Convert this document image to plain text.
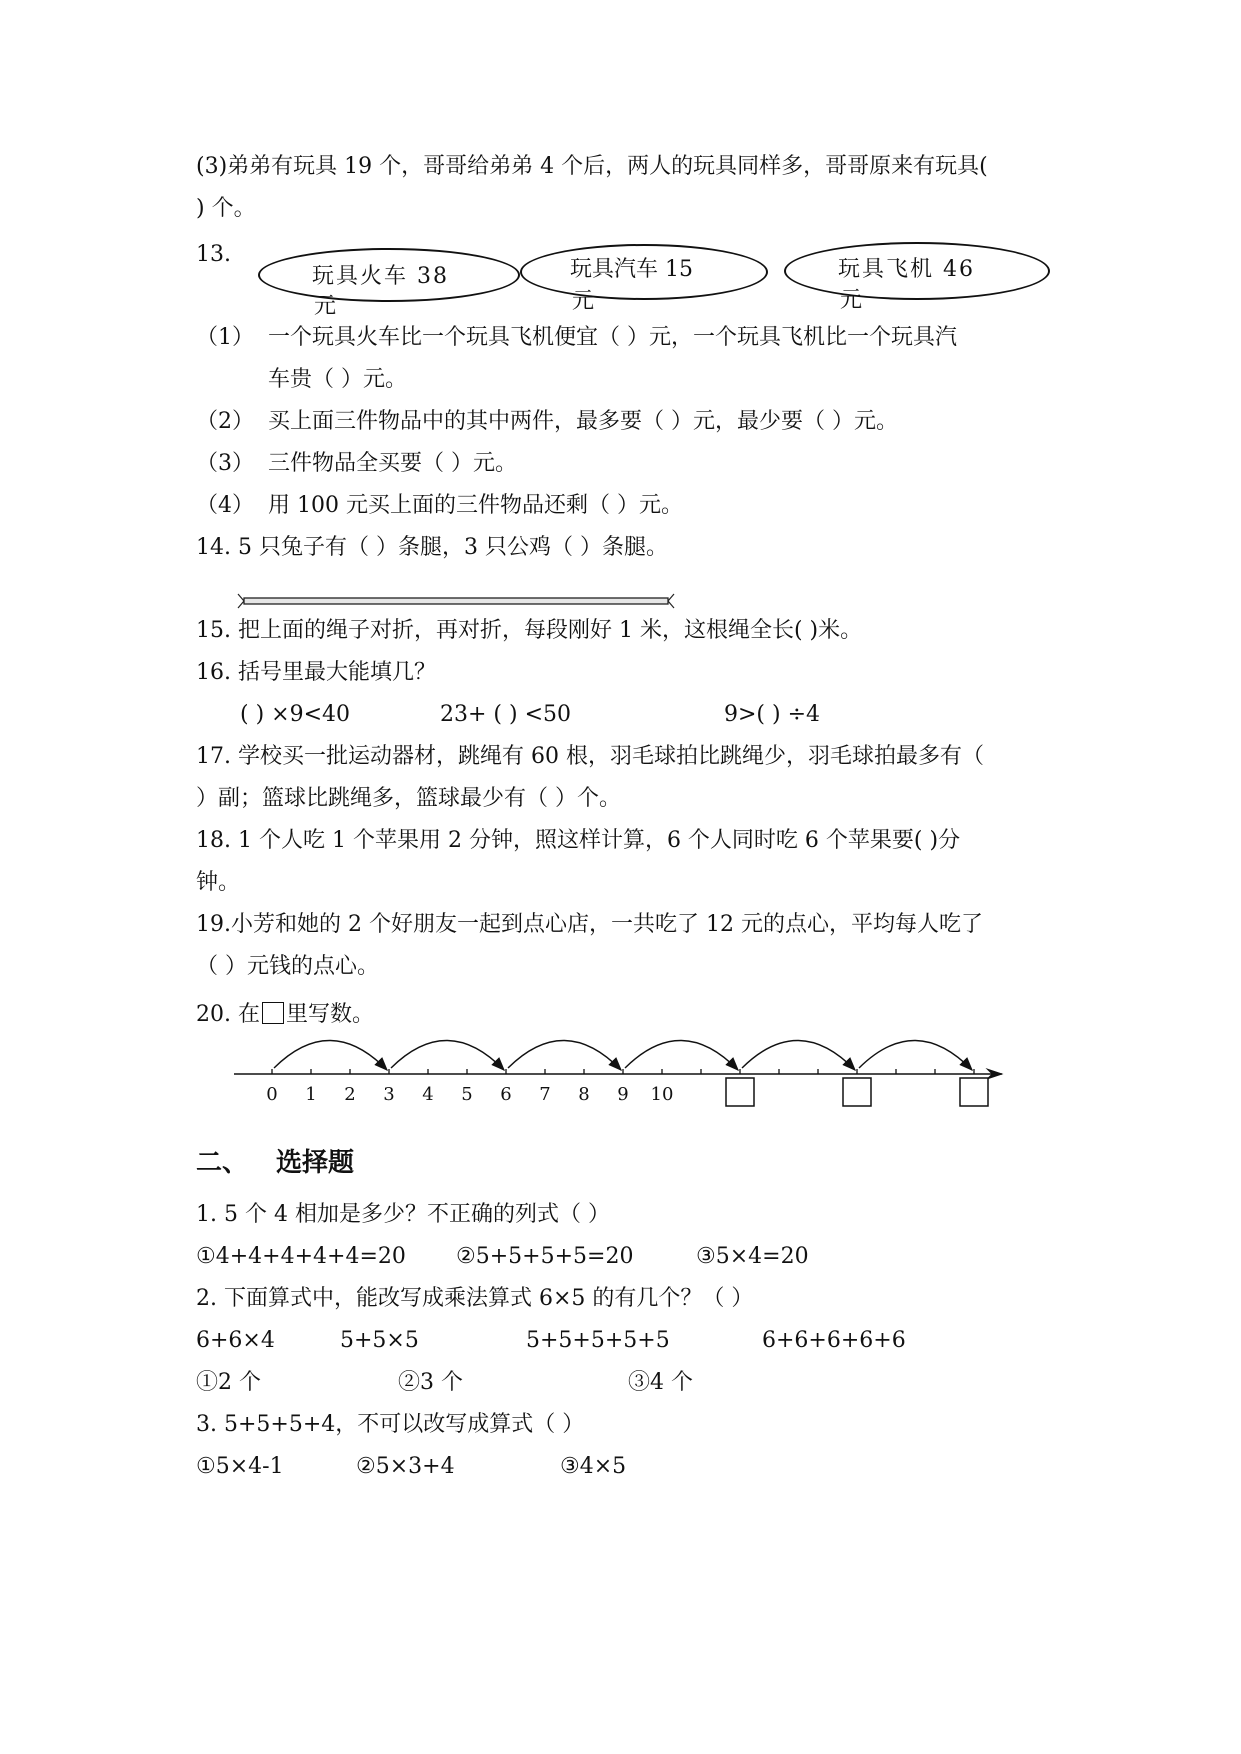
(3)弟弟有玩具 19 个，哥哥给弟弟 4 个后，两人的玩具同样多，哥哥原来有玩具(
) 个。
13.
玩具火车 38
元
玩具汽车 15
元
玩具飞机 46
元
（1） 一个玩具火车比一个玩具飞机便宜（ ）元，一个玩具飞机比一个玩具汽
车贵（ ）元。
（2） 买上面三件物品中的其中两件，最多要（ ）元，最少要（ ）元。
（3） 三件物品全买要（ ）元。
（4） 用 100 元买上面的三件物品还剩（ ）元。
14. 5 只兔子有（ ）条腿，3 只公鸡（ ）条腿。
15. 把上面的绳子对折，再对折，每段刚好 1 米，这根绳全长( )米。
16. 括号里最大能填几？
( ) ×9<40	23+ ( ) <50	9>( ) ÷4
17. 学校买一批运动器材，跳绳有 60 根，羽毛球拍比跳绳少，羽毛球拍最多有（
）副；篮球比跳绳多，篮球最少有（ ）个。
18. 1 个人吃 1 个苹果用 2 分钟，照这样计算，6 个人同时吃 6 个苹果要( )分
钟。
19.小芳和她的 2 个好朋友一起到点心店，一共吃了 12 元的点心，平均每人吃了
（ ）元钱的点心。
20. 在 里写数。
0 1 2 3 4 5 6 7 8 9 10
二、 选择题
1. 5 个 4 相加是多少？不正确的列式（ ）
①4+4+4+4+4=20 ②5+5+5+5=20	③5×4=20
2. 下面算式中，能改写成乘法算式 6×5 的有几个？（ ）
6+6×4	5+5×5	5+5+5+5+5	6+6+6+6+6
①2 个	②3 个	③4 个
3. 5+5+5+4，不可以改写成算式（ ）
①5×4-1	②5×3+4	③4×5
